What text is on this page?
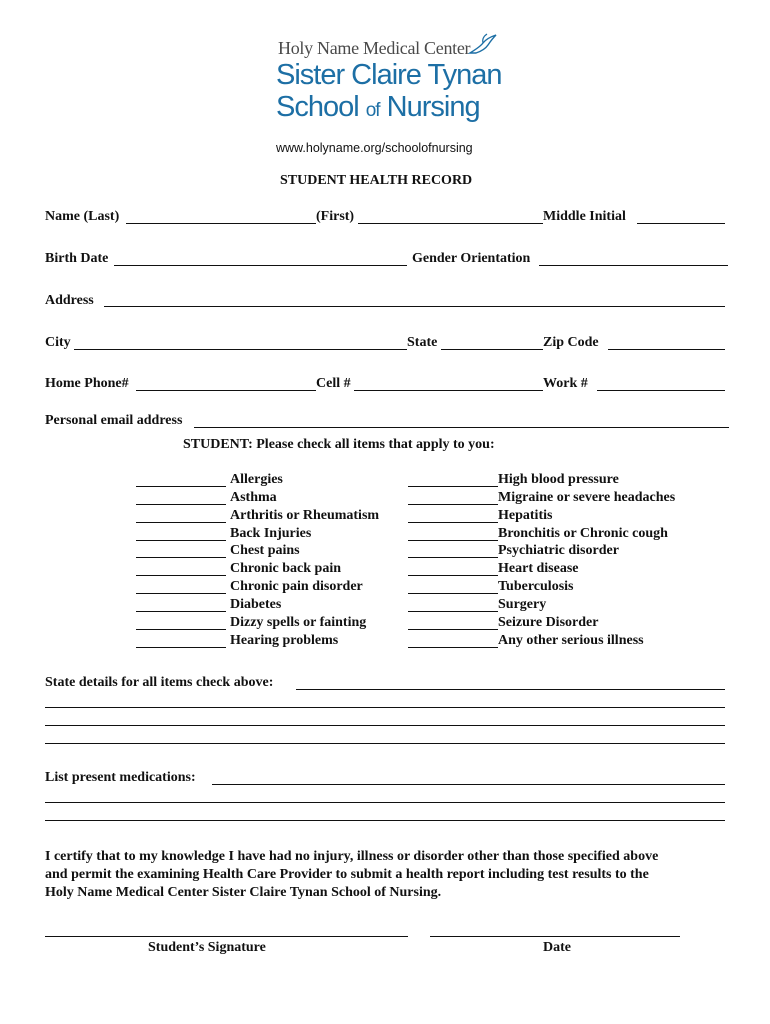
Holy Name Medical Center
Sister Claire Tynan
School of Nursing
www.holyname.org/schoolofnursing
STUDENT HEALTH RECORD
Name (Last)	(First)	Middle Initial
Birth Date	Gender Orientation
Address
City	State	Zip Code
Home Phone#	Cell #	Work #
Personal email address
STUDENT: Please check all items that apply to you:
Allergies
Asthma
Arthritis or Rheumatism
Back Injuries
Chest pains
Chronic back pain
Chronic pain disorder
Diabetes
Dizzy spells or fainting
Hearing problems
High blood pressure
Migraine or severe headaches
Hepatitis
Bronchitis or Chronic cough
Psychiatric disorder
Heart disease
Tuberculosis
Surgery
Seizure Disorder
Any other serious illness
State details for all items check above:
List present medications:
I certify that to my knowledge I have had no injury, illness or disorder other than those specified above
and permit the examining Health Care Provider to submit a health report including test results to the
Holy Name Medical Center Sister Claire Tynan School of Nursing.
Student’s Signature	Date
